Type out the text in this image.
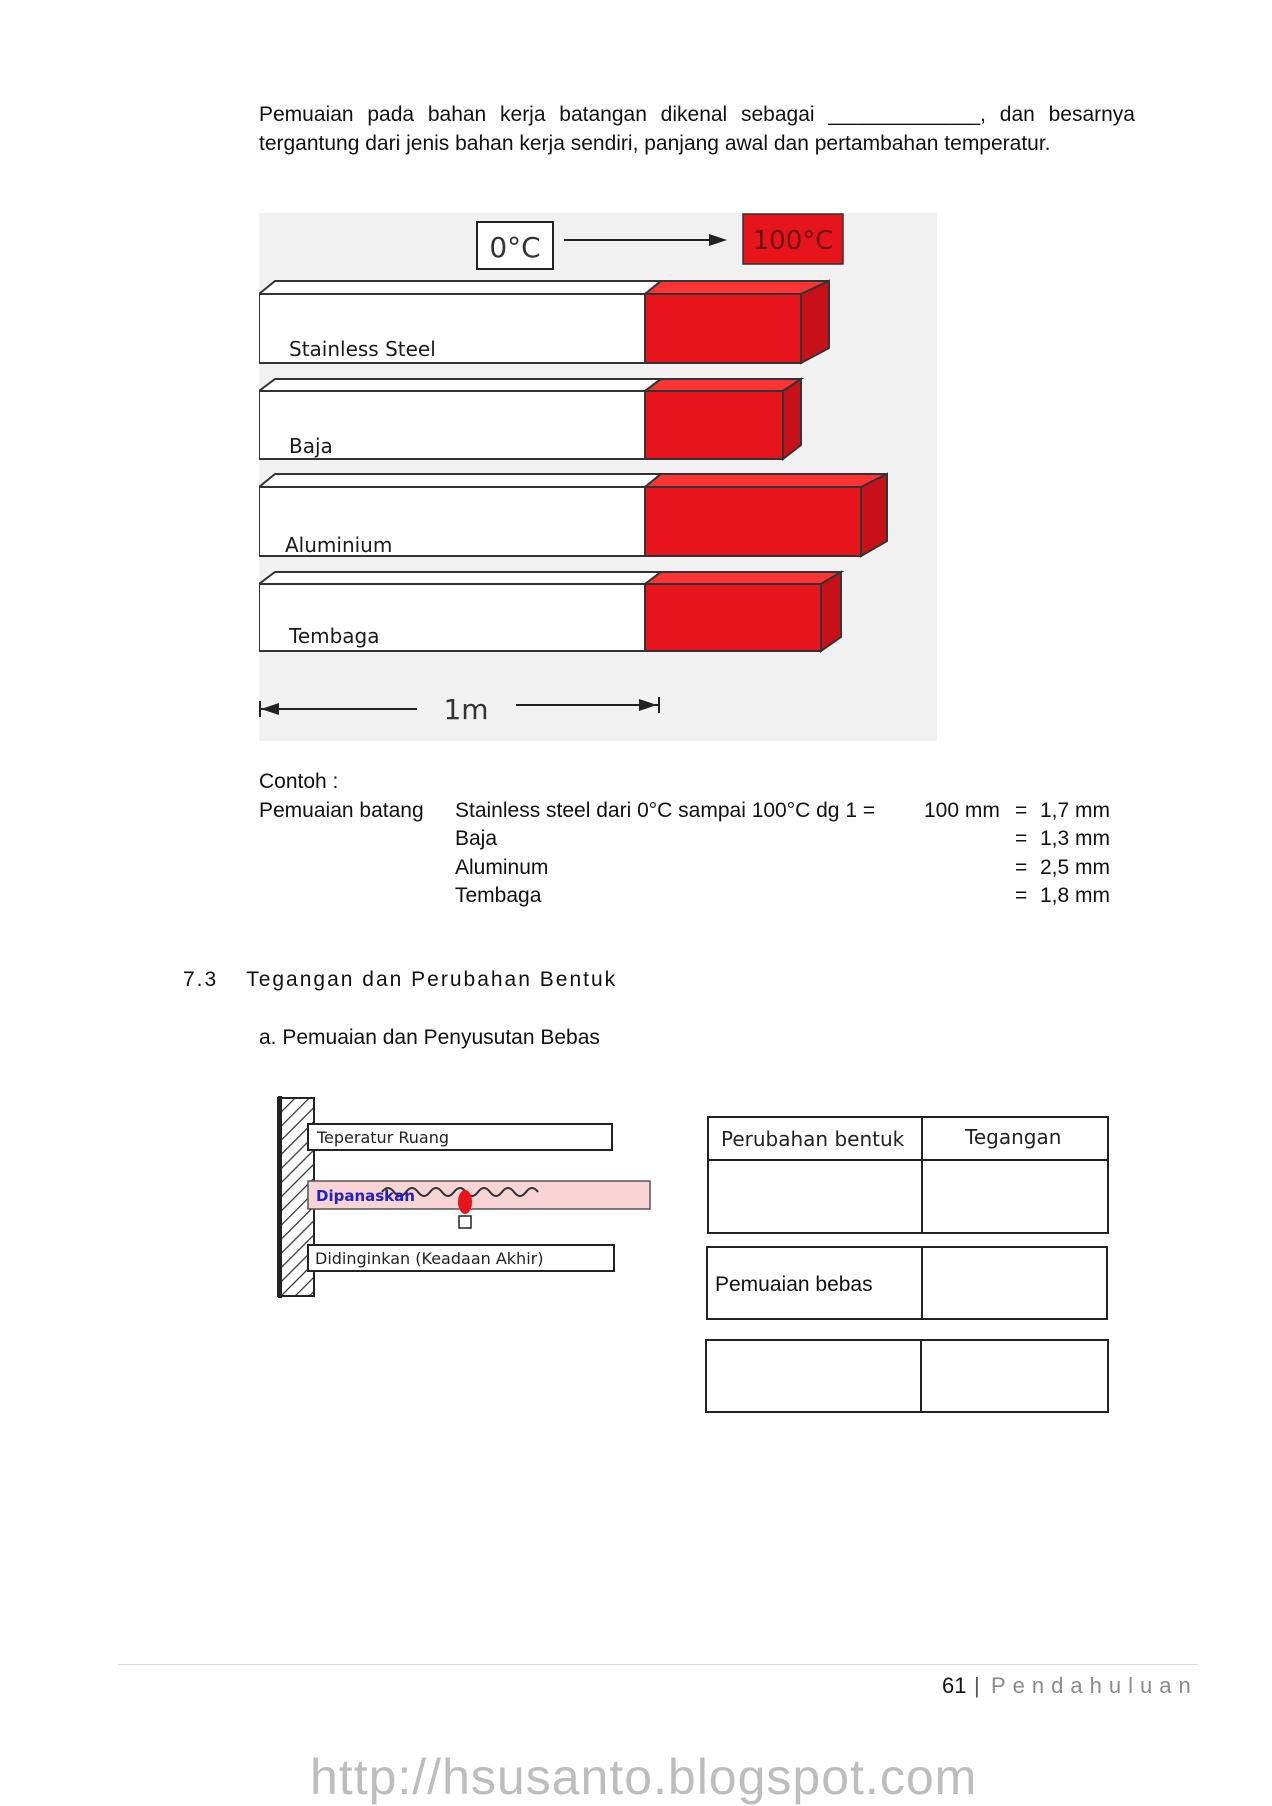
Pemuaian pada bahan kerja batangan dikenal sebagai _____________, dan besarnya tergantung dari jenis bahan kerja sendiri, panjang awal dan pertambahan temperatur.
0°C	100°C
Stainless Steel
Baja
Aluminium
Tembaga
1m
Contoh :
Pemuaian batang Stainless steel dari 0°C sampai 100°C dg 1 = 100 mm = 1,7 mm
Baja	= 1,3 mm
Aluminum	= 2,5 mm
Tembaga	= 1,8 mm
7.3 Tegangan dan Perubahan Bentuk
a. Pemuaian dan Penyusutan Bebas
Teperatur Ruang
Dipanaskan
Didinginkan (Keadaan Akhir)
Perubahan bentuk	Tegangan
Pemuaian bebas
61 | Pendahuluan
http://hsusanto.blogspot.com
